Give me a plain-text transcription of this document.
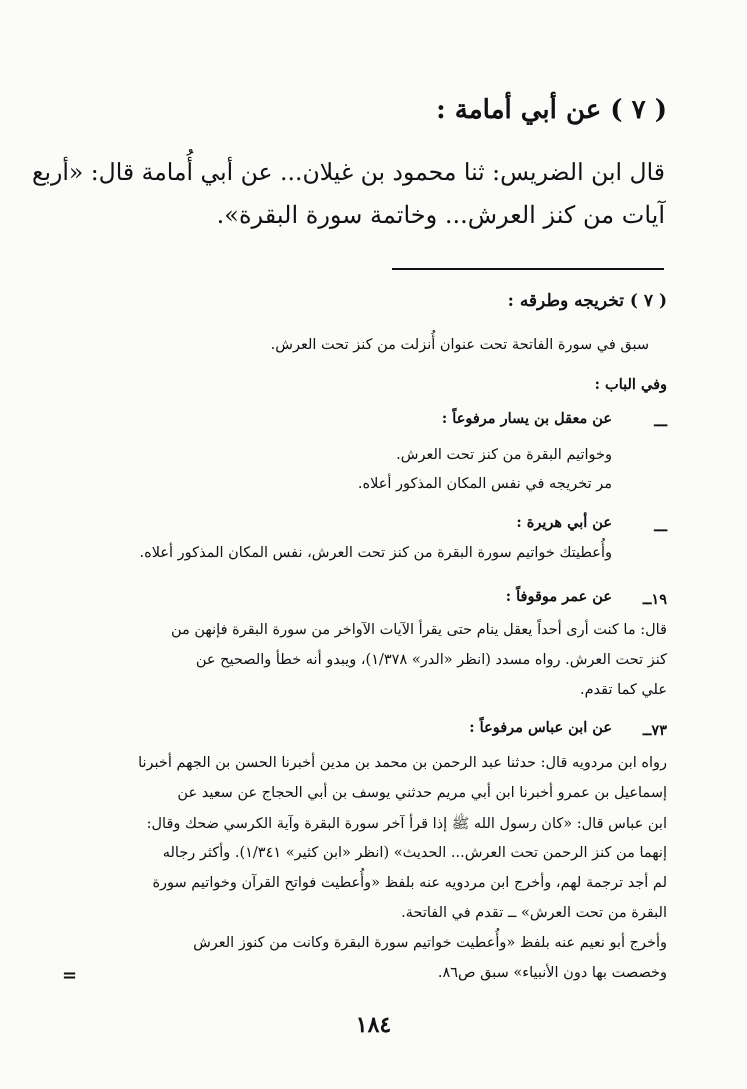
( ٧ ) عن أبي أمامة :
قال ابن الضريس: ثنا محمود بن غيلان... عن أبي أُمامة قال: «أربع
آيات من كنز العرش... وخاتمة سورة البقرة».
( ٧ ) تخريجه وطرقه :
سبق في سورة الفاتحة تحت عنوان أُنزلت من كنز تحت العرش.
وفي الباب :
ـــ
عن معقل بن يسار مرفوعاً :
وخواتيم البقرة من كنز تحت العرش.
مر تخريجه في نفس المكان المذكور أعلاه.
ـــ
عن أبي هريرة :
وأُعطيتك خواتيم سورة البقرة من كنز تحت العرش، نفس المكان المذكور أعلاه.
١٩ــ
عن عمر موقوفاً :
قال: ما كنت أرى أحداً يعقل ينام حتى يقرأ الآيات الآواخر من سورة البقرة فإنهن من
كنز تحت العرش. رواه مسدد (انظر «الدر» ١/٣٧٨)، ويبدو أنه خطأ والصحيح عن
علي كما تقدم.
٧٣ــ
عن ابن عباس مرفوعاً :
رواه ابن مردويه قال: حدثنا عبد الرحمن بن محمد بن مدين أخبرنا الحسن بن الجهم أخبرنا
إسماعيل بن عمرو أخبرنا ابن أبي مريم حدثني يوسف بن أبي الحجاج عن سعيد عن
ابن عباس قال: «كان رسول الله ﷺ إذا قرأ آخر سورة البقرة وآية الكرسي ضحك وقال:
إنهما من كنز الرحمن تحت العرش... الحديث» (انظر «ابن كثير» ١/٣٤١). وأكثر رجاله
لم أجد ترجمة لهم، وأخرج ابن مردويه عنه بلفظ «وأُعطيت فواتح القرآن وخواتيم سورة
البقرة من تحت العرش» ــ تقدم في الفاتحة.
وأخرج أبو نعيم عنه بلفظ «وأُعطيت خواتيم سورة البقرة وكانت من كنوز العرش
وخصصت بها دون الأنبياء» سبق ص٨٦.
=
١٨٤
